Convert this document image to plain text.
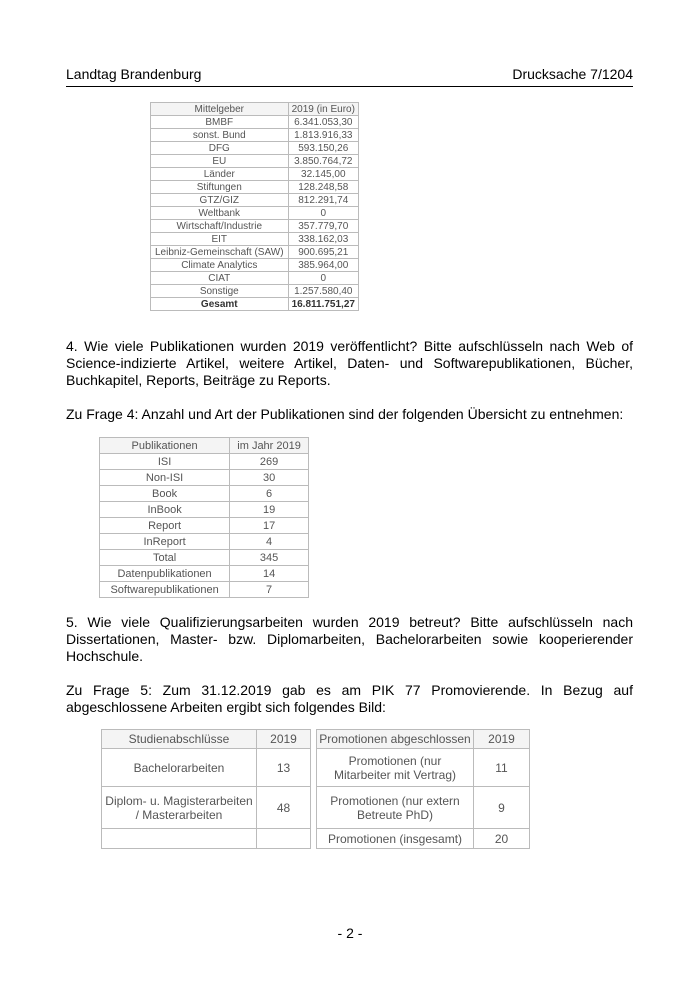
Landtag Brandenburg	Drucksache 7/1204
Mittelgeber	2019 (in Euro)
BMBF	6.341.053,30
sonst. Bund	1.813.916,33
DFG	593.150,26
EU	3.850.764,72
Länder	32.145,00
Stiftungen	128.248,58
GTZ/GIZ	812.291,74
Weltbank	0
Wirtschaft/Industrie	357.779,70
EIT	338.162,03
Leibniz-Gemeinschaft (SAW)	900.695,21
Climate Analytics	385.964,00
CIAT	0
Sonstige	1.257.580,40
Gesamt	16.811.751,27
4. Wie viele Publikationen wurden 2019 veröffentlicht? Bitte aufschlüsseln nach Web of Science-indizierte Artikel, weitere Artikel, Daten- und Softwarepublikationen, Bücher, Buchkapitel, Reports, Beiträge zu Reports.
Zu Frage 4: Anzahl und Art der Publikationen sind der folgenden Übersicht zu entnehmen:
Publikationen	im Jahr 2019
ISI	269
Non-ISI	30
Book	6
InBook	19
Report	17
InReport	4
Total	345
Datenpublikationen	14
Softwarepublikationen	7
5. Wie viele Qualifizierungsarbeiten wurden 2019 betreut? Bitte aufschlüsseln nach Dissertationen, Master- bzw. Diplomarbeiten, Bachelorarbeiten sowie kooperierender Hochschule.
Zu Frage 5: Zum 31.12.2019 gab es am PIK 77 Promovierende. In Bezug auf abgeschlossene Arbeiten ergibt sich folgendes Bild:
Studienabschlüsse	2019
Bachelorarbeiten	13
Diplom- u. Magisterarbeiten / Masterarbeiten	48

Promotionen abgeschlossen	2019
Promotionen (nur Mitarbeiter mit Vertrag)	11
Promotionen (nur extern Betreute PhD)	9
Promotionen (insgesamt)	20
- 2 -
